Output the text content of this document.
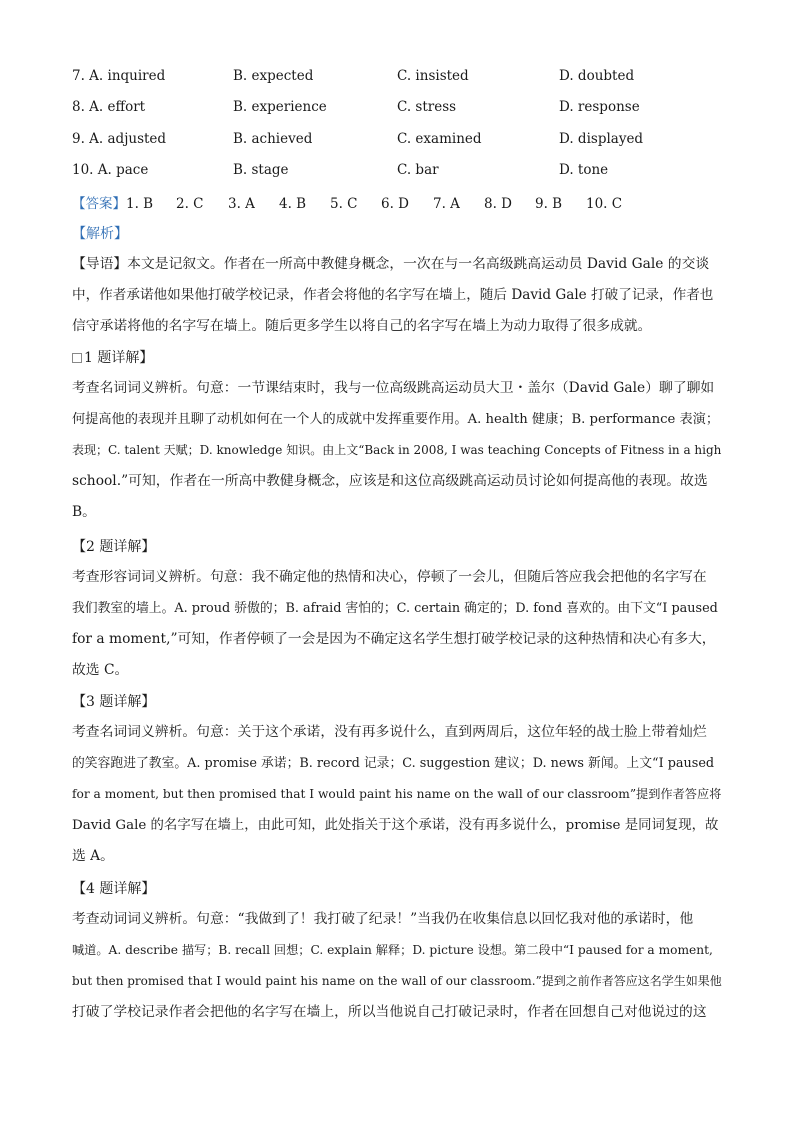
7. A. inquired	B. expected	C. insisted	D. doubted
8. A. effort	B. experience	C. stress	D. response
9. A. adjusted	B. achieved	C. examined	D. displayed
10. A. pace	B. stage	C. bar	D. tone
【答案】1. B 2. C 3. A 4. B 5. C 6. D 7. A 8. D 9. B 10. C
【解析】
【导语】本文是记叙文。作者在一所高中教健身概念，一次在与一名高级跳高运动员 David Gale 的交谈
中，作者承诺他如果他打破学校记录，作者会将他的名字写在墙上，随后 David Gale 打破了记录，作者也
信守承诺将他的名字写在墙上。随后更多学生以将自己的名字写在墙上为动力取得了很多成就。
1 题详解】
考查名词词义辨析。句意：一节课结束时，我与一位高级跳高运动员大卫・盖尔（David Gale）聊了聊如
何提高他的表现并且聊了动机如何在一个人的成就中发挥重要作用。A. health 健康；B. performance 表演；
表现；C. talent 天赋；D. knowledge 知识。由上文“Back in 2008, I was teaching Concepts of Fitness in a high
school.”可知，作者在一所高中教健身概念，应该是和这位高级跳高运动员讨论如何提高他的表现。故选
B。
【2 题详解】
考查形容词词义辨析。句意：我不确定他的热情和决心，停顿了一会儿，但随后答应我会把他的名字写在
我们教室的墙上。A. proud 骄傲的；B. afraid 害怕的；C. certain 确定的；D. fond 喜欢的。由下文“I paused
for a moment,”可知，作者停顿了一会是因为不确定这名学生想打破学校记录的这种热情和决心有多大，
故选 C。
【3 题详解】
考查名词词义辨析。句意：关于这个承诺，没有再多说什么，直到两周后，这位年轻的战士脸上带着灿烂
的笑容跑进了教室。A. promise 承诺；B. record 记录；C. suggestion 建议；D. news 新闻。上文“I paused
for a moment, but then promised that I would paint his name on the wall of our classroom”提到作者答应将
David Gale 的名字写在墙上，由此可知，此处指关于这个承诺，没有再多说什么，promise 是同词复现，故
选 A。
【4 题详解】
考查动词词义辨析。句意：“我做到了！我打破了纪录！”当我仍在收集信息以回忆我对他的承诺时，他
喊道。A. describe 描写；B. recall 回想；C. explain 解释；D. picture 设想。第二段中“I paused for a moment,
but then promised that I would paint his name on the wall of our classroom.”提到之前作者答应这名学生如果他
打破了学校记录作者会把他的名字写在墙上，所以当他说自己打破记录时，作者在回想自己对他说过的这
